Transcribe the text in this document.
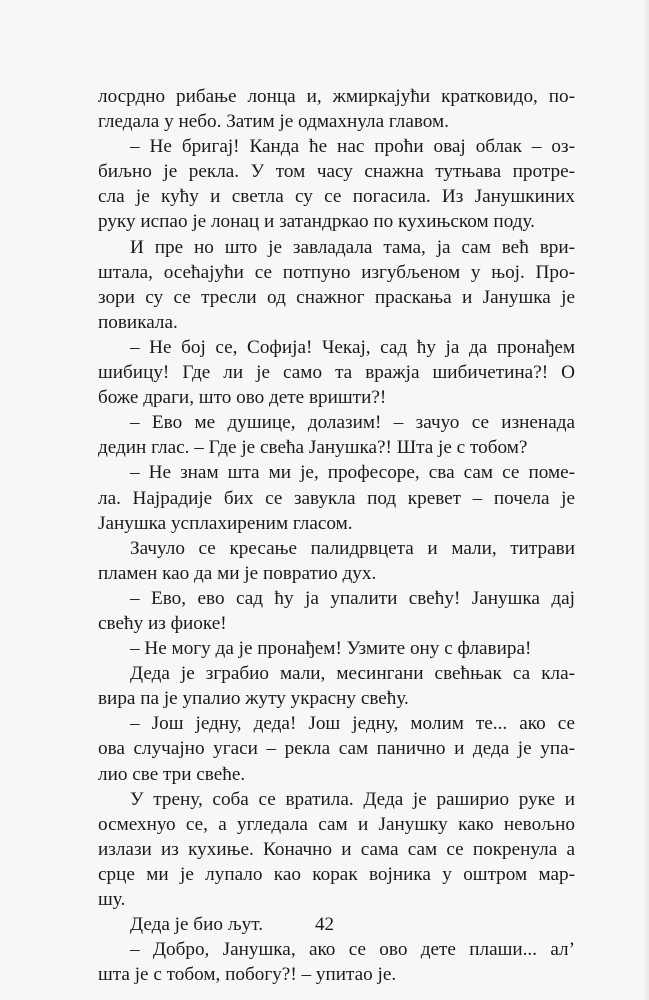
лосрдно рибање лонца и, жмиркајући кратковидо, по-
гледала у небо. Затим је одмахнула главом.
– Не бригај! Канда ће нас проћи овај облак – оз-
биљно је рекла. У том часу снажна тутњава протре-
сла је кућу и светла су се погасила. Из Јанушкиних
руку испао је лонац и затандркао по кухињском поду.
И пре но што је завладала тама, ја сам већ ври-
штала, осећајући се потпуно изгубљеном у њој. Про-
зори су се тресли од снажног праскања и Јанушка је
повикала.
– Не бој се, Софија! Чекај, сад ћу ја да пронађем
шибицу! Где ли је само та вражја шибичетина?! О
боже драги, што ово дете вришти?!
– Ево ме душице, долазим! – зачуо се изненада
дедин глас. – Где је свећа Јанушка?! Шта је с тобом?
– Не знам шта ми је, професоре, сва сам се поме-
ла. Најрадије бих се завукла под кревет – почела је
Јанушка усплахиреним гласом.
Зачуло се кресање палидрвцета и мали, титрави
пламен као да ми је повратио дух.
– Ево, ево сад ћу ја упалити свећу! Јанушка дај
свећу из фиоке!
– Не могу да је пронађем! Узмите ону с флавира!
Деда је зграбио мали, месингани свећњак са кла-
вира па је упалио жуту украсну свећу.
– Још једну, деда! Још једну, молим те... ако се
ова случајно угаси – рекла сам панично и деда је упа-
лио све три свеће.
У трену, соба се вратила. Деда је раширио руке и
осмехнуо се, а угледала сам и Јанушку како невољно
излази из кухиње. Коначно и сама сам се покренула а
срце ми је лупало као корак војника у оштром мар-
шу.
Деда је био љут.
– Добро, Јанушка, ако се ово дете плаши... ал’
шта је с тобом, побогу?! – упитао је.
42
